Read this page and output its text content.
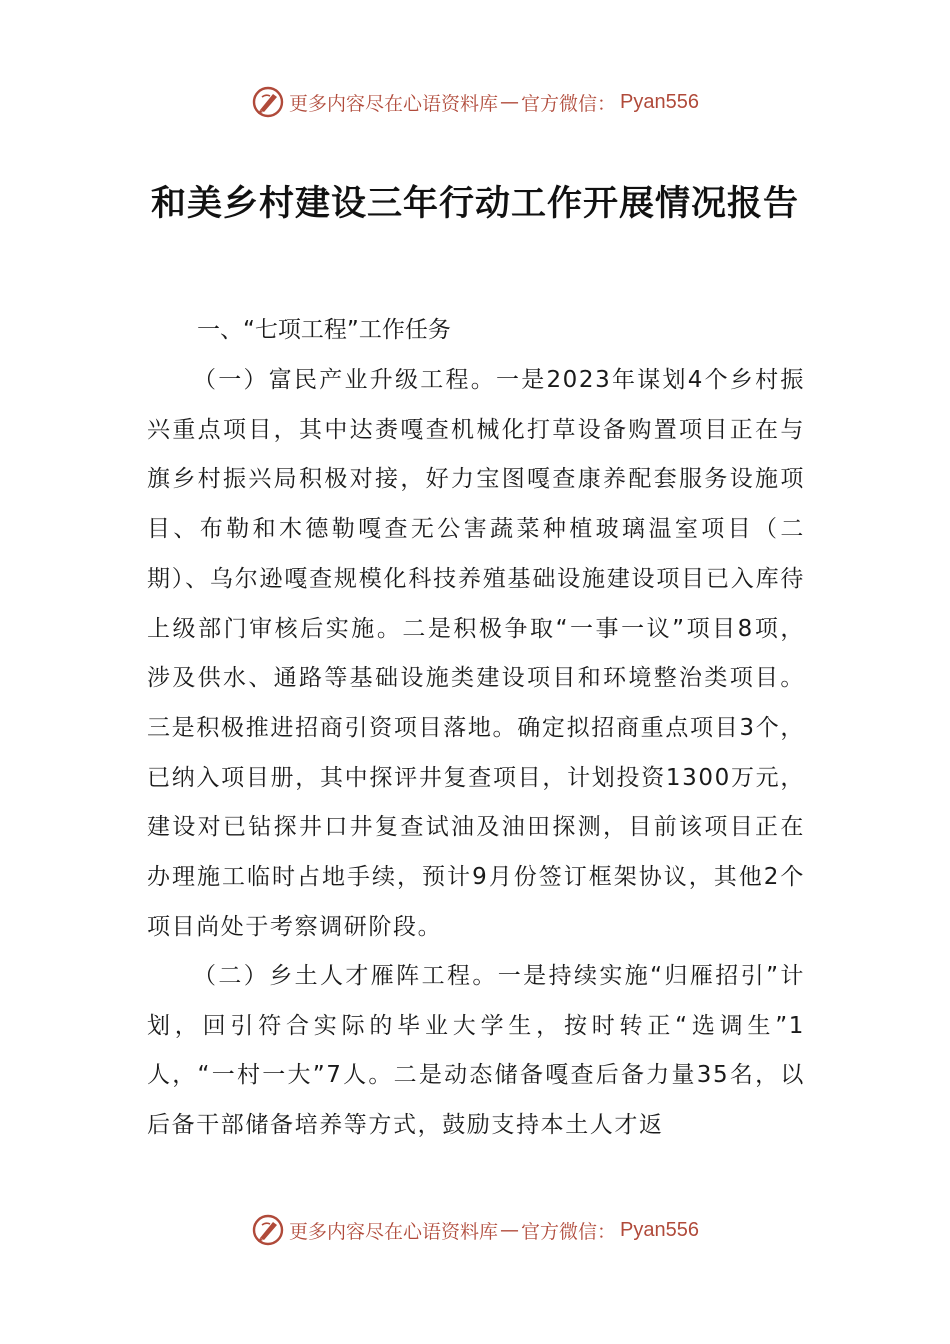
更多内容尽在心语资料库 — 官方微信： Pyan556
和美乡村建设三年行动工作开展情况报告
一、“七项工程”工作任务
（一）富民产业升级工程。一是2023年谋划4个乡村振兴重点项目，其中达赉嘎查机械化打草设备购置项目正在与旗乡村振兴局积极对接，好力宝图嘎查康养配套服务设施项目、布勒和木德勒嘎查无公害蔬菜种植玻璃温室项目（二期）、乌尔逊嘎查规模化科技养殖基础设施建设项目已入库待上级部门审核后实施。二是积极争取“一事一议”项目8项，涉及供水、通路等基础设施类建设项目和环境整治类项目。三是积极推进招商引资项目落地。确定拟招商重点项目3个，已纳入项目册，其中探评井复查项目，计划投资1300万元，建设对已钻探井口井复查试油及油田探测，目前该项目正在办理施工临时占地手续，预计9月份签订框架协议，其他2个项目尚处于考察调研阶段。
（二）乡土人才雁阵工程。一是持续实施“归雁招引”计划，回引符合实际的毕业大学生，按时转正“选调生”1人，“一村一大”7人。二是动态储备嘎查后备力量35名，以后备干部储备培养等方式，鼓励支持本土人才返
更多内容尽在心语资料库 — 官方微信： Pyan556
